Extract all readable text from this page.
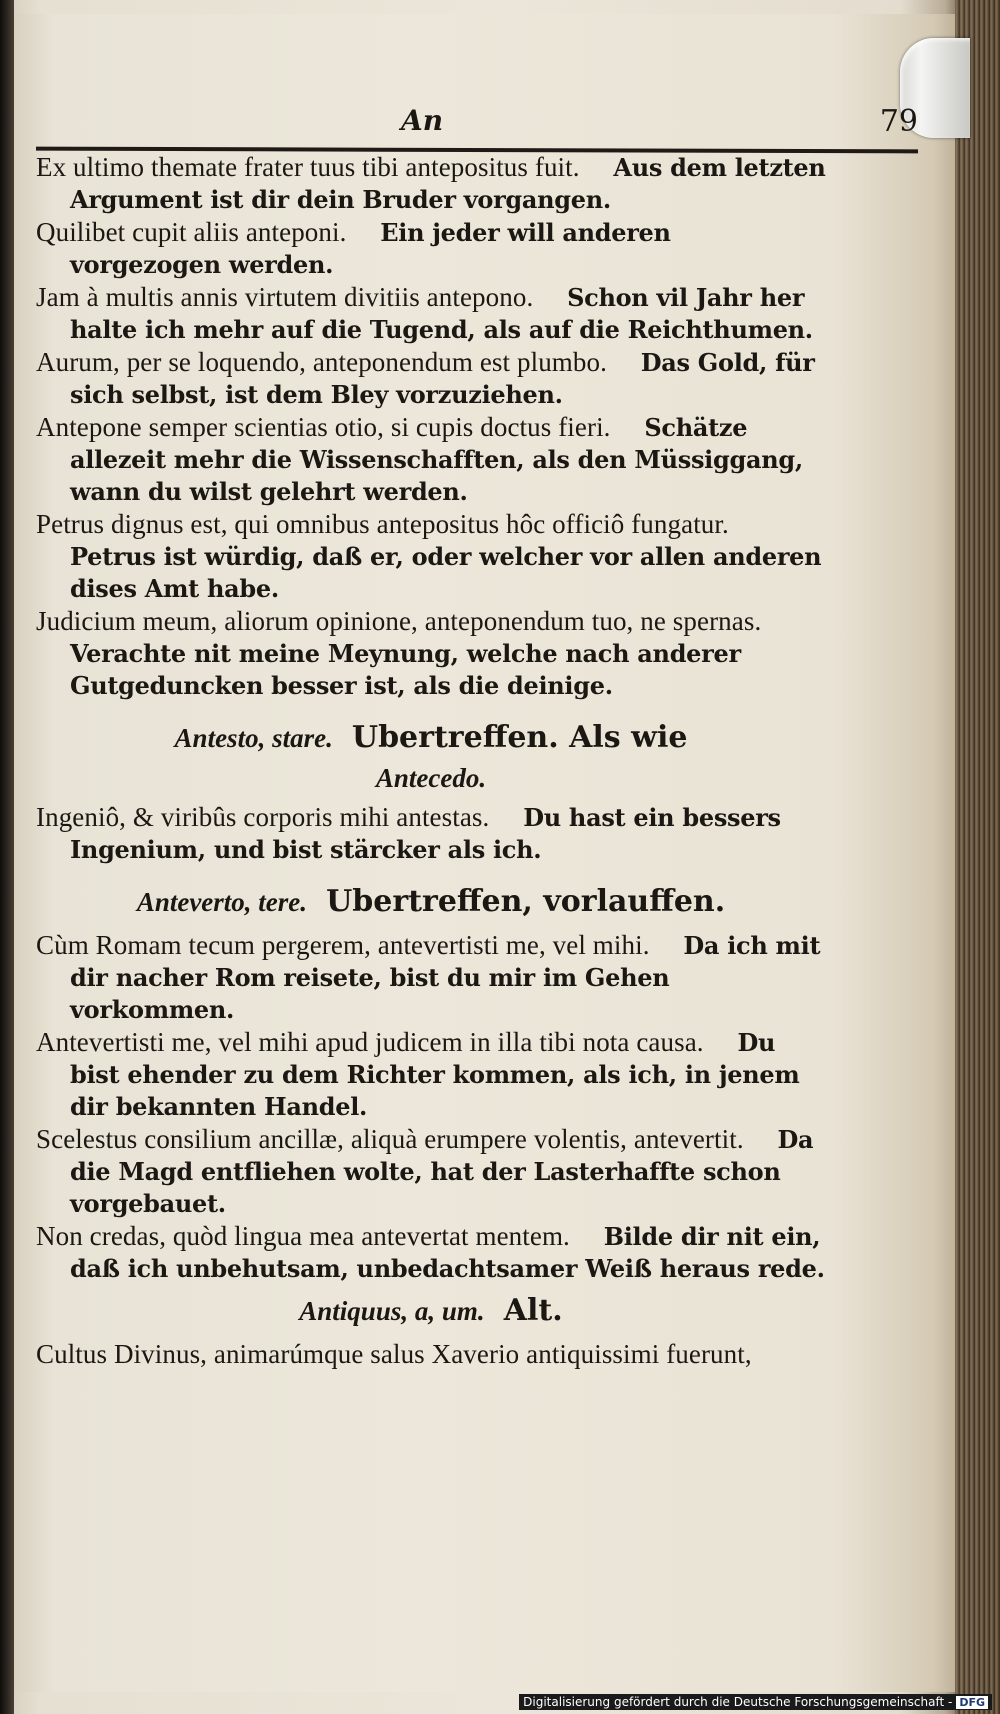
An	79

Ex ultimo themate frater tuus tibi antepositus fuit.   Aus dem letzten Argument ist dir dein Bruder vorgangen.

Quilibet cupit aliis anteponi.   Ein jeder will anderen vorgezogen werden.

Jam à multis annis virtutem divitiis antepono.   Schon vil Jahr her halte ich mehr auf die Tugend, als auf die Reichthumen.

Aurum, per se loquendo, anteponendum est plumbo.   Das Gold, für sich selbst, ist dem Bley vorzuziehen.

Antepone semper scientias otio, si cupis doctus fieri.   Schätze allezeit mehr die Wissenschafften, als den Müssiggang, wann du wilst gelehrt werden.

Petrus dignus est, qui omnibus antepositus hôc officiô fungatur.  Petrus ist würdig, daß er, oder welcher vor allen anderen dises Amt habe.

Judicium meum, aliorum opinione, anteponendum tuo, ne spernas.  Verachte nit meine Meynung, welche nach anderer Gutgeduncken besser ist, als die deinige.

Antesto, stare. Ubertreffen. Als wie
Antecedo.

Ingeniô, & viribûs corporis mihi antestas.   Du hast ein bessers Ingenium, und bist stärcker als ich.

Anteverto, tere. Ubertreffen, vorlauffen.

Cùm Romam tecum pergerem, antevertisti me, vel mihi.   Da ich mit dir nacher Rom reisete, bist du mir im Gehen vorkommen.

Antevertisti me, vel mihi apud judicem in illa tibi nota causa.   Du bist ehender zu dem Richter kommen, als ich, in jenem dir bekannten Handel.

Scelestus consilium ancillæ, aliquà erumpere volentis, antevertit.   Da die Magd entfliehen wolte, hat der Lasterhaffte schon vorgebauet.

Non credas, quòd lingua mea antevertat mentem.   Bilde dir nit ein, daß ich unbehutsam, unbedachtsamer Weiß heraus rede.

Antiquus, a, um. Alt.

Cultus Divinus, animarúmque salus Xaverio antiquissimi fuerunt,  

Digitalisierung gefördert durch die Deutsche Forschungsgemeinschaft - DFG
